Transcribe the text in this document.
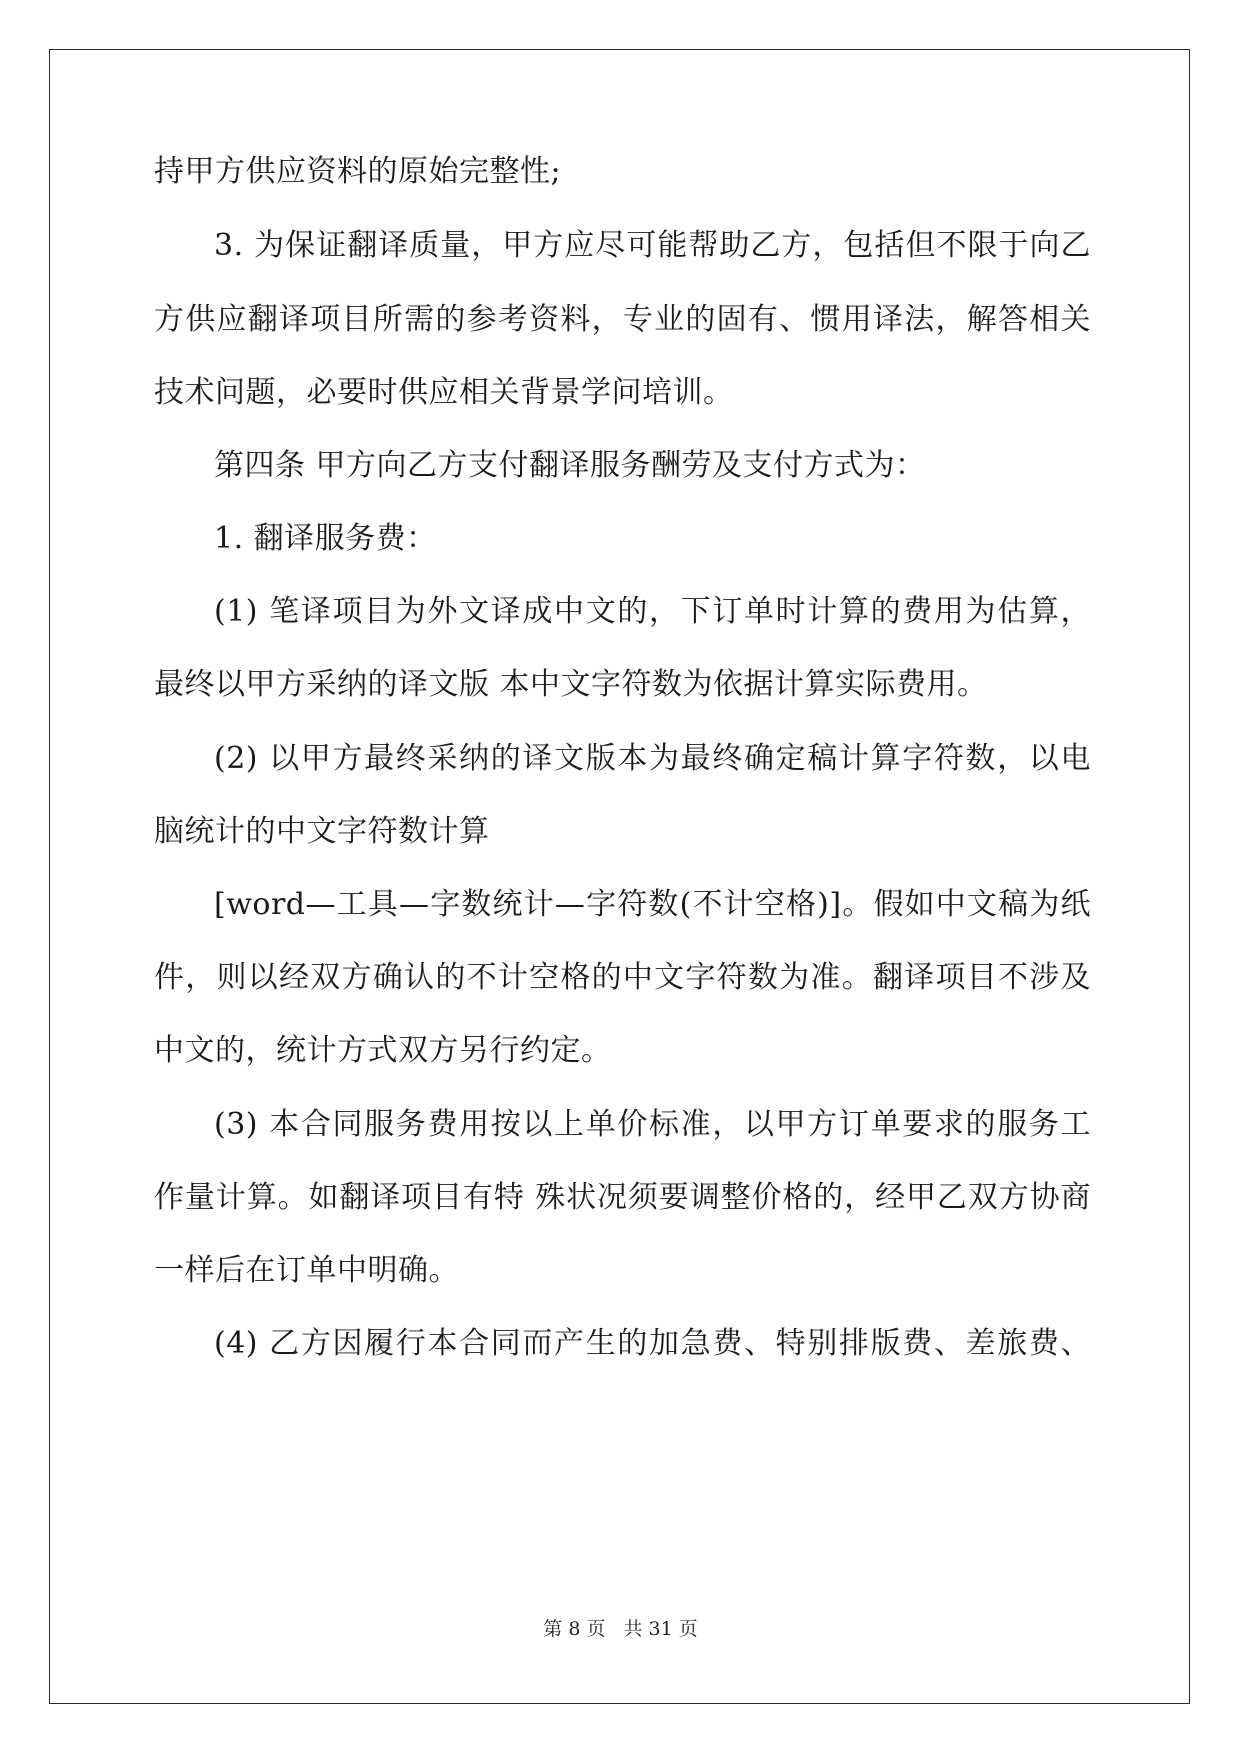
持甲方供应资料的原始完整性;
3. 为保证翻译质量，甲方应尽可能帮助乙方，包括但不限于向乙
方供应翻译项目所需的参考资料，专业的固有、惯用译法，解答相关
技术问题，必要时供应相关背景学问培训。
第四条 甲方向乙方支付翻译服务酬劳及支付方式为：
1. 翻译服务费：
(1) 笔译项目为外文译成中文的，下订单时计算的费用为估算，
最终以甲方采纳的译文版 本中文字符数为依据计算实际费用。
(2) 以甲方最终采纳的译文版本为最终确定稿计算字符数，以电
脑统计的中文字符数计算
[word—工具—字数统计—字符数(不计空格)]。假如中文稿为纸
件，则以经双方确认的不计空格的中文字符数为准。翻译项目不涉及
中文的，统计方式双方另行约定。
(3) 本合同服务费用按以上单价标准，以甲方订单要求的服务工
作量计算。如翻译项目有特 殊状况须要调整价格的，经甲乙双方协商
一样后在订单中明确。
(4) 乙方因履行本合同而产生的加急费、特别排版费、差旅费、
第 8 页 共 31 页
